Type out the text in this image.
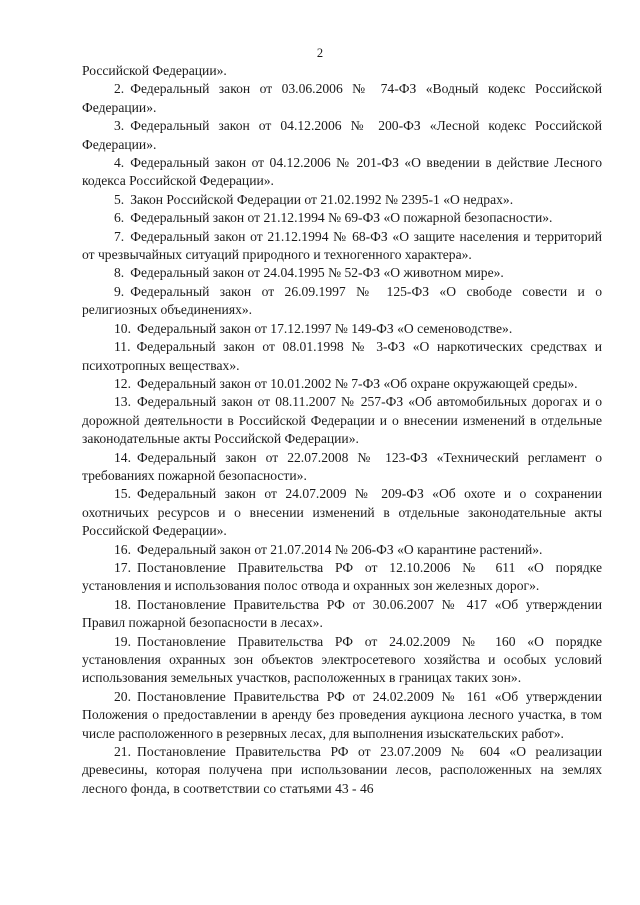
2

Российской Федерации».

2. Федеральный закон от 03.06.2006 № 74-ФЗ «Водный кодекс Российской Федерации».

3. Федеральный закон от 04.12.2006 № 200-ФЗ «Лесной кодекс Российской Федерации».

4. Федеральный закон от 04.12.2006 № 201-ФЗ «О введении в действие Лесного кодекса Российской Федерации».

5. Закон Российской Федерации от 21.02.1992 № 2395-1 «О недрах».

6. Федеральный закон от 21.12.1994 № 69-ФЗ «О пожарной безопасности».

7. Федеральный закон от 21.12.1994 № 68-ФЗ «О защите населения и территорий от чрезвычайных ситуаций природного и техногенного характера».

8. Федеральный закон от 24.04.1995 № 52-ФЗ «О животном мире».

9. Федеральный закон от 26.09.1997 № 125-ФЗ «О свободе совести и о религиозных объединениях».

10. Федеральный закон от 17.12.1997 № 149-ФЗ «О семеноводстве».

11. Федеральный закон от 08.01.1998 № 3-ФЗ «О наркотических средствах и психотропных веществах».

12. Федеральный закон от 10.01.2002 № 7-ФЗ «Об охране окружающей среды».

13. Федеральный закон от 08.11.2007 № 257-ФЗ «Об автомобильных дорогах и о дорожной деятельности в Российской Федерации и о внесении изменений в отдельные законодательные акты Российской Федерации».

14. Федеральный закон от 22.07.2008 № 123-ФЗ «Технический регламент о требованиях пожарной безопасности».

15. Федеральный закон от 24.07.2009 № 209-ФЗ «Об охоте и о сохранении охотничьих ресурсов и о внесении изменений в отдельные законодательные акты Российской Федерации».

16. Федеральный закон от 21.07.2014 № 206-ФЗ «О карантине растений».

17. Постановление Правительства РФ от 12.10.2006 № 611 «О порядке установления и использования полос отвода и охранных зон железных дорог».

18. Постановление Правительства РФ от 30.06.2007 № 417 «Об утверждении Правил пожарной безопасности в лесах».

19. Постановление Правительства РФ от 24.02.2009 № 160 «О порядке установления охранных зон объектов электросетевого хозяйства и особых условий использования земельных участков, расположенных в границах таких зон».

20. Постановление Правительства РФ от 24.02.2009 № 161 «Об утверждении Положения о предоставлении в аренду без проведения аукциона лесного участка, в том числе расположенного в резервных лесах, для выполнения изыскательских работ».

21. Постановление Правительства РФ от 23.07.2009 № 604 «О реализации древесины, которая получена при использовании лесов, расположенных на землях лесного фонда, в соответствии со статьями 43 - 46
